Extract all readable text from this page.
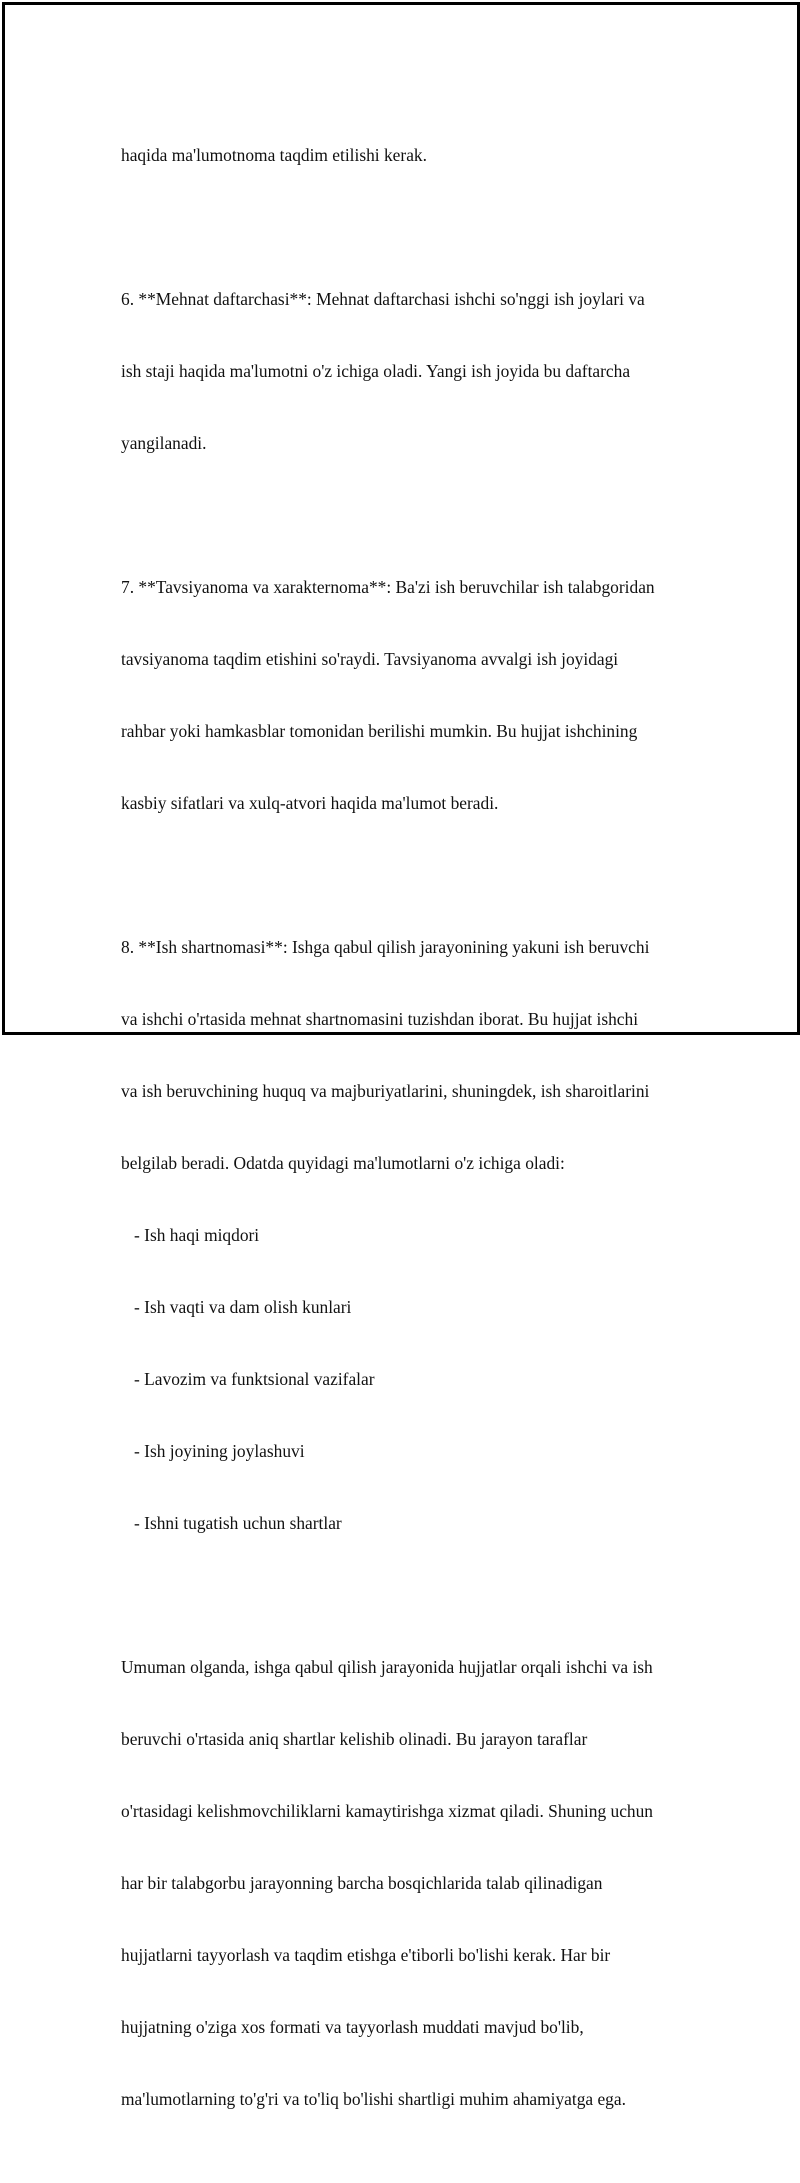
haqida ma'lumotnoma taqdim etilishi kerak.

6. **Mehnat daftarchasi**: Mehnat daftarchasi ishchi so'nggi ish joylari va

ish staji haqida ma'lumotni o'z ichiga oladi. Yangi ish joyida bu daftarcha

yangilanadi.

7. **Tavsiyanoma va xarakternoma**: Ba'zi ish beruvchilar ish talabgoridan

tavsiyanoma taqdim etishini so'raydi. Tavsiyanoma avvalgi ish joyidagi

rahbar yoki hamkasblar tomonidan berilishi mumkin. Bu hujjat ishchining

kasbiy sifatlari va xulq-atvori haqida ma'lumot beradi.

8. **Ish shartnomasi**: Ishga qabul qilish jarayonining yakuni ish beruvchi

va ishchi o'rtasida mehnat shartnomasini tuzishdan iborat. Bu hujjat ishchi

va ish beruvchining huquq va majburiyatlarini, shuningdek, ish sharoitlarini

belgilab beradi. Odatda quyidagi ma'lumotlarni o'z ichiga oladi:

- Ish haqi miqdori

- Ish vaqti va dam olish kunlari

- Lavozim va funktsional vazifalar

- Ish joyining joylashuvi

- Ishni tugatish uchun shartlar

Umuman olganda, ishga qabul qilish jarayonida hujjatlar orqali ishchi va ish

beruvchi o'rtasida aniq shartlar kelishib olinadi. Bu jarayon taraflar

o'rtasidagi kelishmovchiliklarni kamaytirishga xizmat qiladi. Shuning uchun

har bir talabgorbu jarayonning barcha bosqichlarida talab qilinadigan

hujjatlarni tayyorlash va taqdim etishga e'tiborli bo'lishi kerak. Har bir

hujjatning o'ziga xos formati va tayyorlash muddati mavjud bo'lib,

ma'lumotlarning to'g'ri va to'liq bo'lishi shartligi muhim ahamiyatga ega.
